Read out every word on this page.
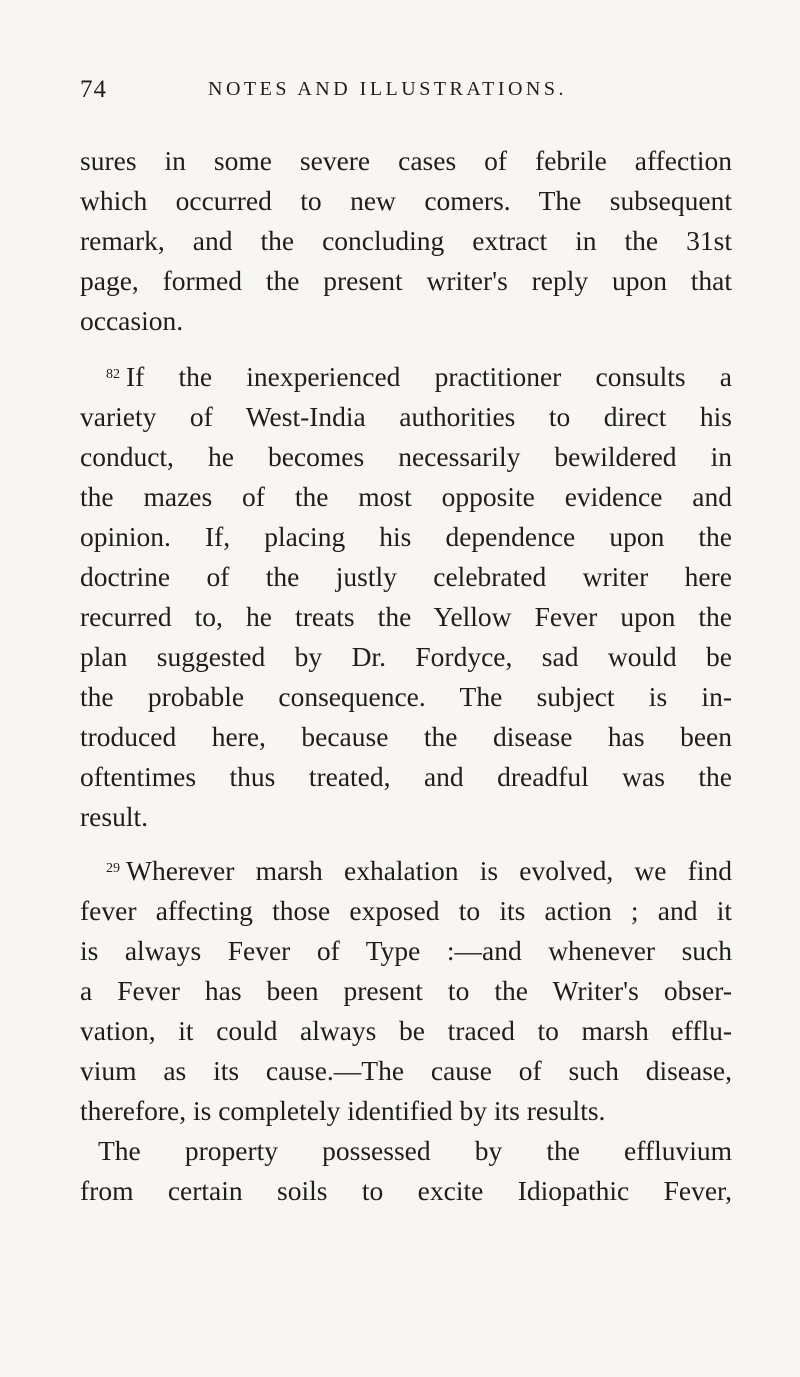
74	NOTES AND ILLUSTRATIONS.
sures in some severe cases of febrile affection
which occurred to new comers. The subsequent
remark, and the concluding extract in the 31st
page, formed the present writer's reply upon that
occasion.
$^{82}$ If the inexperienced practitioner consults a
variety of West-India authorities to direct his
conduct, he becomes necessarily bewildered in
the mazes of the most opposite evidence and
opinion. If, placing his dependence upon the
doctrine of the justly celebrated writer here
recurred to, he treats the Yellow Fever upon the
plan suggested by Dr. Fordyce, sad would be
the probable consequence. The subject is in-
troduced here, because the disease has been
oftentimes thus treated, and dreadful was the
result.
$^{29}$ Wherever marsh exhalation is evolved, we find
fever affecting those exposed to its action ; and it
is always Fever of Type :—and whenever such
a Fever has been present to the Writer's obser-
vation, it could always be traced to marsh efflu-
vium as its cause.—The cause of such disease,
therefore, is completely identified by its results.
The property possessed by the effluvium
from certain soils to excite Idiopathic Fever,
